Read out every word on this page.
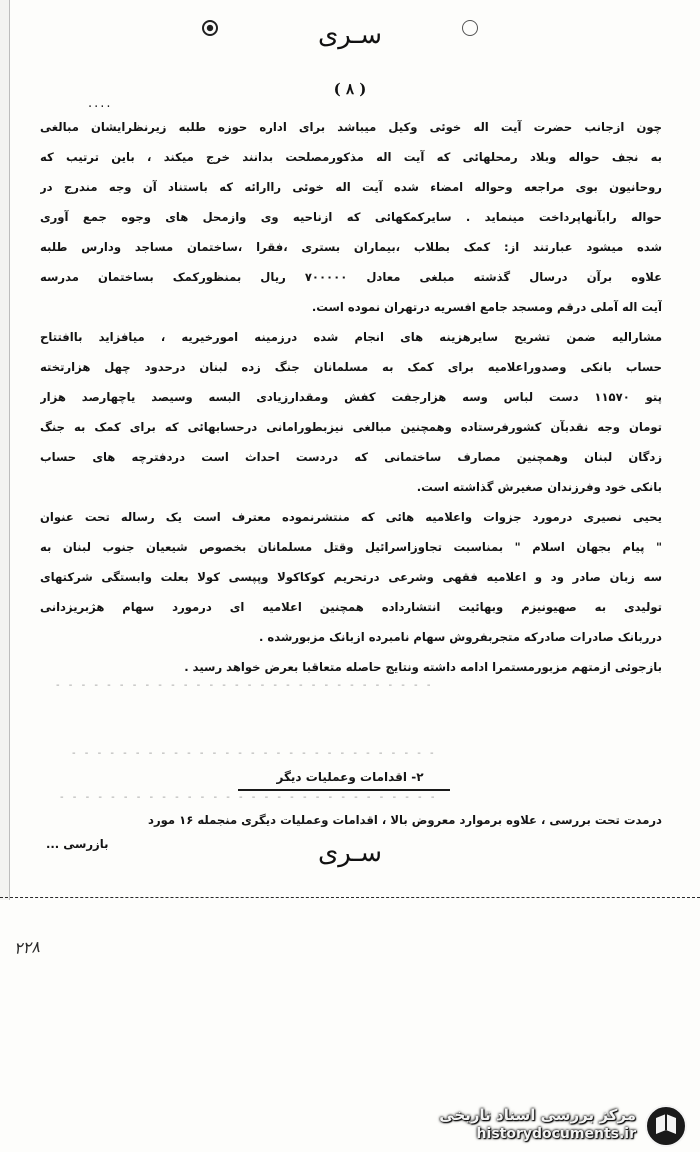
سـری
( ۸ )
....
چون ازجانب حضرت آیت اله خوئی وکیل میباشد برای اداره حوزه طلبه زیرنظرایشان مبالغی
به نجف حواله وبلاد رمحلهائی که آیت اله مذکورمصلحت بدانند خرج میکند ، باین ترتیب که
روحانیون بوی مراجعه وحواله امضا‌ء شده آیت اله خوئی راارائه که باستناد آن وجه مندرج در
حواله رابآنهاپرداخت مینماید . سایرکمکهائی که ازناحیه وی وازمحل های وجوه جمع آوری
شده میشود عبارتند از: کمک بطلاب ،بیماران بستری ،فقرا ،ساختمان مساجد ودارس طلبه
علاوه برآن درسال گذشته مبلغی معادل ۷۰۰۰۰۰ ریال بمنظورکمک بساختمان مدرسه
آیت اله آملی درقم ومسجد جامع افسریه درتهران نموده است.
مشارالیه ضمن تشریح سایرهزینه های انجام شده درزمینه امورخیریه ، میافزاید باافتتاح
حساب بانکی وصدوراعلامیه برای کمک به مسلمانان جنگ زده لبنان درحدود چهل هزارتخته
پتو ۱۱۵۷۰ دست لباس وسه هزارجفت کفش ومقدارزیادی البسه وسیصد یاچهارصد هزار
تومان وجه نقدبآن کشورفرستاده وهمچنین مبالغی نیزبطورامانی درحسابهائی که برای کمک به جنگ
زدگان لبنان وهمچنین مصارف ساختمانی که دردست احداث است دردفترچه های حساب
بانکی خود وفرزندان صغیرش گذاشته است.
یحیی نصیری درمورد جزوات واعلامیه هائی که منتشرنموده معترف است یک رساله تحت عنوان
" پیام بجهان اسلام " بمناسبت تجاوزاسرائیل وقتل مسلمانان بخصوص شیعیان جنوب لبنان به
سه زبان صادر ود و اعلامیه فقهی وشرعی درتحریم کوکاکولا وپپسی کولا بعلت وابستگی شرکتهای
تولیدی به صهیونیزم وبهائیت انتشارداده همچنین اعلامیه ای درمورد سهام هژبریزدانی
درربانک صادرات صادرکه متجربفروش سهام نامبرده ازبانک مزبورشده .
بازجوئی ازمتهم مزبورمستمرا ادامه داشته ونتایج حاصله متعاقبا بعرض خواهد رسید .
- - - - - - - - - - - - - - - - - - - - - - - - - - - - - -
- - - - - - - - - - - - - - - - - - - - - - - - - - - - -
- - - - - - - - - - - - - - - - - - - - - - - - - - - - - -
۲- اقدامات وعملیات دیگر
درمدت تحت بررسی ، علاوه برموارد معروض بالا ، اقدامات وعملیات دیگری منجمله ۱۶ مورد
بازرسی ...	سـری
۲۲۸
مرکز بررسی اسناد تاریخی
historydocuments.ir
